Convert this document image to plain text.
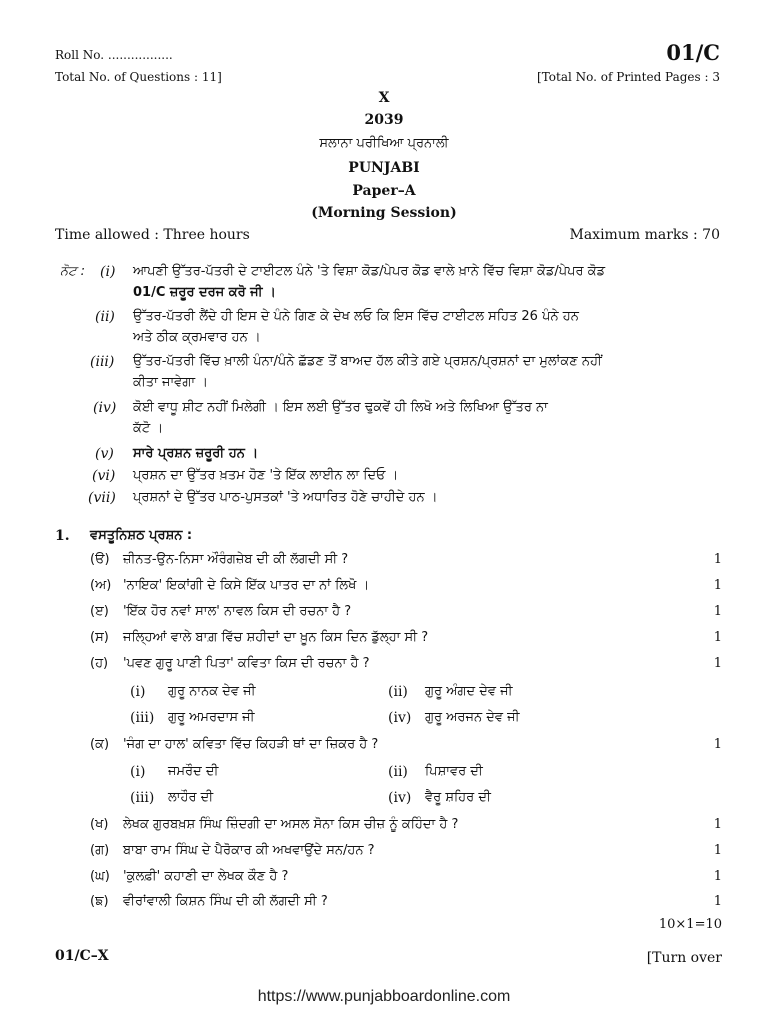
Roll No. .................
Total No. of Questions : 11]
01/C
[Total No. of Printed Pages : 3
X
2039
ਸਲਾਨਾ ਪਰੀਖਿਆ ਪ੍ਰਨਾਲੀ
PUNJABI
Paper–A
(Morning Session)
Time allowed : Three hours	Maximum marks : 70
ਨੋਟ : (i) ਆਪਣੀ ਉੱਤਰ-ਪੱਤਰੀ ਦੇ ਟਾਈਟਲ ਪੰਨੇ 'ਤੇ ਵਿਸ਼ਾ ਕੋਡ/ਪੇਪਰ ਕੋਡ ਵਾਲੇ ਖ਼ਾਨੇ ਵਿੱਚ ਵਿਸ਼ਾ ਕੋਡ/ਪੇਪਰ ਕੋਡ
01/C ਜ਼ਰੂਰ ਦਰਜ ਕਰੋ ਜੀ ।
(ii) ਉੱਤਰ-ਪੱਤਰੀ ਲੈਂਦੇ ਹੀ ਇਸ ਦੇ ਪੰਨੇ ਗਿਣ ਕੇ ਦੇਖ ਲਓ ਕਿ ਇਸ ਵਿੱਚ ਟਾਈਟਲ ਸਹਿਤ 26 ਪੰਨੇ ਹਨ
ਅਤੇ ਠੀਕ ਕ੍ਰਮਵਾਰ ਹਨ ।
(iii) ਉੱਤਰ-ਪੱਤਰੀ ਵਿੱਚ ਖ਼ਾਲੀ ਪੰਨਾ/ਪੰਨੇ ਛੱਡਣ ਤੋਂ ਬਾਅਦ ਹੱਲ ਕੀਤੇ ਗਏ ਪ੍ਰਸ਼ਨ/ਪ੍ਰਸ਼ਨਾਂ ਦਾ ਮੁਲਾਂਕਣ ਨਹੀਂ
ਕੀਤਾ ਜਾਵੇਗਾ ।
(iv) ਕੋਈ ਵਾਧੂ ਸ਼ੀਟ ਨਹੀਂ ਮਿਲੇਗੀ । ਇਸ ਲਈ ਉੱਤਰ ਢੁਕਵੇਂ ਹੀ ਲਿਖੋ ਅਤੇ ਲਿਖਿਆ ਉੱਤਰ ਨਾ
ਕੱਟੋ ।
(v) ਸਾਰੇ ਪ੍ਰਸ਼ਨ ਜ਼ਰੂਰੀ ਹਨ ।
(vi) ਪ੍ਰਸ਼ਨ ਦਾ ਉੱਤਰ ਖ਼ਤਮ ਹੋਣ 'ਤੇ ਇੱਕ ਲਾਈਨ ਲਾ ਦਿਓ ।
(vii) ਪ੍ਰਸ਼ਨਾਂ ਦੇ ਉੱਤਰ ਪਾਠ-ਪੁਸਤਕਾਂ 'ਤੇ ਅਧਾਰਿਤ ਹੋਣੇ ਚਾਹੀਦੇ ਹਨ ।
1. ਵਸਤੂਨਿਸ਼ਠ ਪ੍ਰਸ਼ਨ :
(ੳ) ਜ਼ੀਨਤ-ਉਨ-ਨਿਸਾ ਔਰੰਗਜ਼ੇਬ ਦੀ ਕੀ ਲੱਗਦੀ ਸੀ ?	1
(ਅ) 'ਨਾਇਕ' ਇਕਾਂਗੀ ਦੇ ਕਿਸੇ ਇੱਕ ਪਾਤਰ ਦਾ ਨਾਂ ਲਿਖੋ ।	1
(ੲ) 'ਇੱਕ ਹੋਰ ਨਵਾਂ ਸਾਲ' ਨਾਵਲ ਕਿਸ ਦੀ ਰਚਨਾ ਹੈ ?	1
(ਸ) ਜਲ੍ਹਿਆਂ ਵਾਲੇ ਬਾਗ਼ ਵਿੱਚ ਸ਼ਹੀਦਾਂ ਦਾ ਖ਼ੂਨ ਕਿਸ ਦਿਨ ਡੁੱਲ੍ਹਾ ਸੀ ?	1
(ਹ) 'ਪਵਣ ਗੁਰੂ ਪਾਣੀ ਪਿਤਾ' ਕਵਿਤਾ ਕਿਸ ਦੀ ਰਚਨਾ ਹੈ ?	1
(i) ਗੁਰੂ ਨਾਨਕ ਦੇਵ ਜੀ	(ii) ਗੁਰੂ ਅੰਗਦ ਦੇਵ ਜੀ
(iii) ਗੁਰੂ ਅਮਰਦਾਸ ਜੀ	(iv) ਗੁਰੂ ਅਰਜਨ ਦੇਵ ਜੀ
(ਕ) 'ਜੰਗ ਦਾ ਹਾਲ' ਕਵਿਤਾ ਵਿੱਚ ਕਿਹੜੀ ਥਾਂ ਦਾ ਜ਼ਿਕਰ ਹੈ ?	1
(i) ਜਮਰੌਦ ਦੀ	(ii) ਪਿਸ਼ਾਵਰ ਦੀ
(iii) ਲਾਹੌਰ ਦੀ	(iv) ਵੈਰੂ ਸ਼ਹਿਰ ਦੀ
(ਖ) ਲੇਖਕ ਗੁਰਬਖ਼ਸ਼ ਸਿੰਘ ਜ਼ਿੰਦਗੀ ਦਾ ਅਸਲ ਸੋਨਾ ਕਿਸ ਚੀਜ਼ ਨੂੰ ਕਹਿੰਦਾ ਹੈ ?	1
(ਗ) ਬਾਬਾ ਰਾਮ ਸਿੰਘ ਦੇ ਪੈਰੋਕਾਰ ਕੀ ਅਖਵਾਉਂਦੇ ਸਨ/ਹਨ ?	1
(ਘ) 'ਕੁਲਫ਼ੀ' ਕਹਾਣੀ ਦਾ ਲੇਖਕ ਕੌਣ ਹੈ ?	1
(ਙ) ਵੀਰਾਂਵਾਲੀ ਕਿਸ਼ਨ ਸਿੰਘ ਦੀ ਕੀ ਲੱਗਦੀ ਸੀ ?	1
10×1=10
01/C–X	[Turn over
https://www.punjabboardonline.com
